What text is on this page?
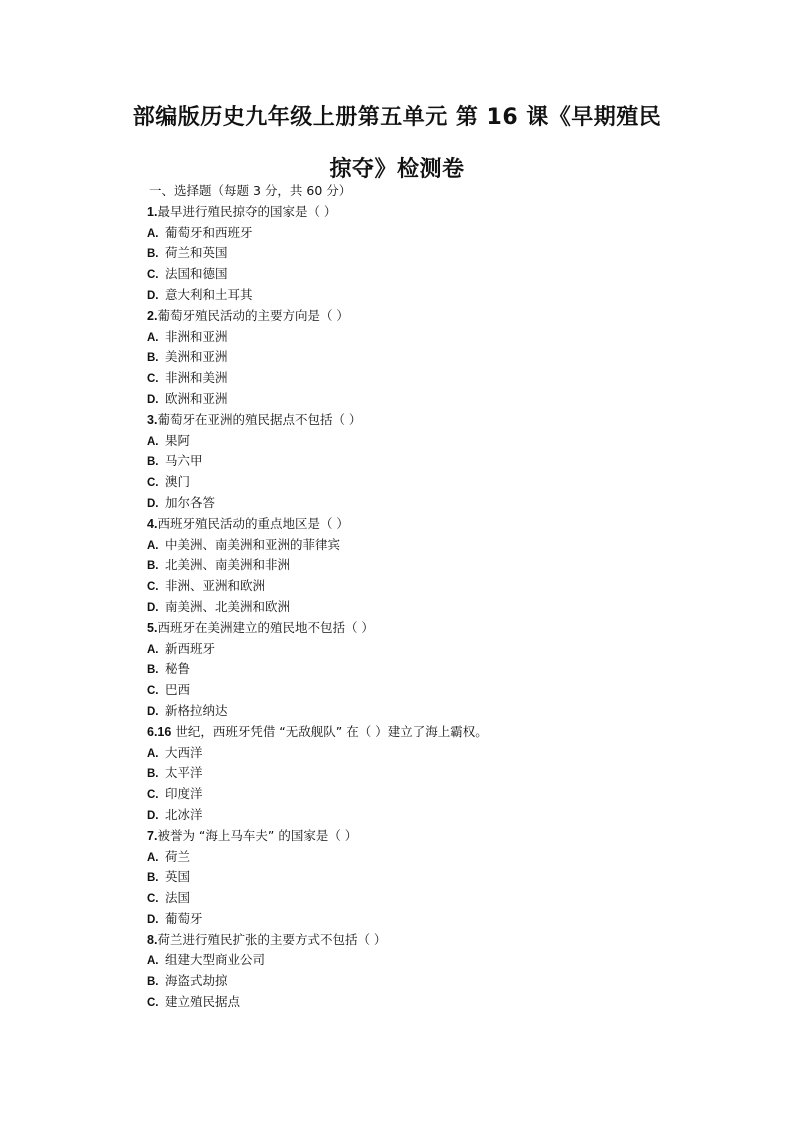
部编版历史九年级上册第五单元 第 16 课《早期殖民
掠夺》检测卷
一、选择题（每题 3 分，共 60 分）
1.最早进行殖民掠夺的国家是（ ）
A. 葡萄牙和西班牙
B. 荷兰和英国
C. 法国和德国
D. 意大利和土耳其
2.葡萄牙殖民活动的主要方向是（ ）
A. 非洲和亚洲
B. 美洲和亚洲
C. 非洲和美洲
D. 欧洲和亚洲
3.葡萄牙在亚洲的殖民据点不包括（ ）
A. 果阿
B. 马六甲
C. 澳门
D. 加尔各答
4.西班牙殖民活动的重点地区是（ ）
A. 中美洲、南美洲和亚洲的菲律宾
B. 北美洲、南美洲和非洲
C. 非洲、亚洲和欧洲
D. 南美洲、北美洲和欧洲
5.西班牙在美洲建立的殖民地不包括（ ）
A. 新西班牙
B. 秘鲁
C. 巴西
D. 新格拉纳达
6.16 世纪，西班牙凭借 “无敌舰队” 在（ ）建立了海上霸权。
A. 大西洋
B. 太平洋
C. 印度洋
D. 北冰洋
7.被誉为 “海上马车夫” 的国家是（ ）
A. 荷兰
B. 英国
C. 法国
D. 葡萄牙
8.荷兰进行殖民扩张的主要方式不包括（ ）
A. 组建大型商业公司
B. 海盗式劫掠
C. 建立殖民据点
